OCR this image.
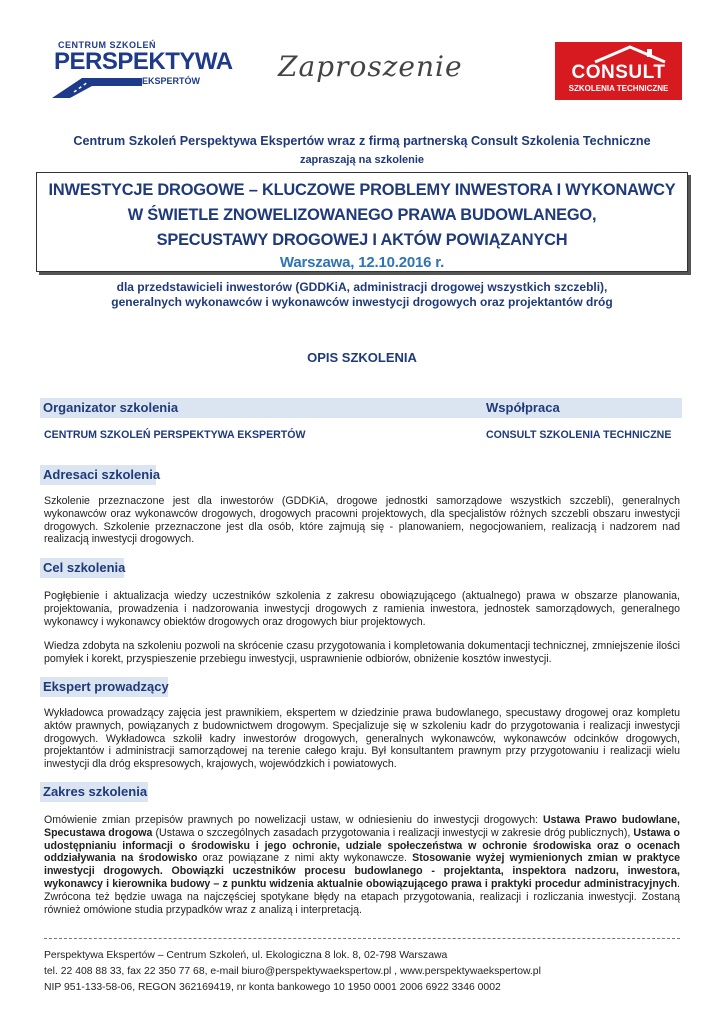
CENTRUM SZKOLEŃ
PERSPEKTYWA
EKSPERTÓW	Zaproszenie	CONSULT
SZKOLENIA TECHNICZNE
Centrum Szkoleń Perspektywa Ekspertów wraz z firmą partnerską Consult Szkolenia Techniczne
zapraszają na szkolenie
INWESTYCJE DROGOWE – KLUCZOWE PROBLEMY INWESTORA I WYKONAWCY
W ŚWIETLE ZNOWELIZOWANEGO PRAWA BUDOWLANEGO,
SPECUSTAWY DROGOWEJ I AKTÓW POWIĄZANYCH
Warszawa, 12.10.2016 r.
dla przedstawicieli inwestorów (GDDKiA, administracji drogowej wszystkich szczebli),
generalnych wykonawców i wykonawców inwestycji drogowych oraz projektantów dróg
OPIS SZKOLENIA
Organizator szkolenia	Współpraca
CENTRUM SZKOLEŃ PERSPEKTYWA EKSPERTÓW	CONSULT SZKOLENIA TECHNICZNE
Adresaci szkolenia
Szkolenie przeznaczone jest dla inwestorów (GDDKiA, drogowe jednostki samorządowe wszystkich szczebli), generalnych wykonawców oraz wykonawców drogowych, drogowych pracowni projektowych, dla specjalistów różnych szczebli obszaru inwestycji drogowych. Szkolenie przeznaczone jest dla osób, które zajmują się - planowaniem, negocjowaniem, realizacją i nadzorem nad realizacją inwestycji drogowych.
Cel szkolenia
Pogłębienie i aktualizacja wiedzy uczestników szkolenia z zakresu obowiązującego (aktualnego) prawa w obszarze planowania, projektowania, prowadzenia i nadzorowania inwestycji drogowych z ramienia inwestora, jednostek samorządowych, generalnego wykonawcy i wykonawcy obiektów drogowych oraz drogowych biur projektowych.
Wiedza zdobyta na szkoleniu pozwoli na skrócenie czasu przygotowania i kompletowania dokumentacji technicznej, zmniejszenie ilości pomyłek i korekt, przyspieszenie przebiegu inwestycji, usprawnienie odbiorów, obniżenie kosztów inwestycji.
Ekspert prowadzący
Wykładowca prowadzący zajęcia jest prawnikiem, ekspertem w dziedzinie prawa budowlanego, specustawy drogowej oraz kompletu aktów prawnych, powiązanych z budownictwem drogowym. Specjalizuje się w szkoleniu kadr do przygotowania i realizacji inwestycji drogowych. Wykładowca szkolił kadry inwestorów drogowych, generalnych wykonawców, wykonawców odcinków drogowych, projektantów i administracji samorządowej na terenie całego kraju. Był konsultantem prawnym przy przygotowaniu i realizacji wielu inwestycji dla dróg ekspresowych, krajowych, wojewódzkich i powiatowych.
Zakres szkolenia
Omówienie zmian przepisów prawnych po nowelizacji ustaw, w odniesieniu do inwestycji drogowych: Ustawa Prawo budowlane, Specustawa drogowa (Ustawa o szczególnych zasadach przygotowania i realizacji inwestycji w zakresie dróg publicznych), Ustawa o udostępnianiu informacji o środowisku i jego ochronie, udziale społeczeństwa w ochronie środowiska oraz o ocenach oddziaływania na środowisko oraz powiązane z nimi akty wykonawcze. Stosowanie wyżej wymienionych zmian w praktyce inwestycji drogowych. Obowiązki uczestników procesu budowlanego - projektanta, inspektora nadzoru, inwestora, wykonawcy i kierownika budowy – z punktu widzenia aktualnie obowiązującego prawa i praktyki procedur administracyjnych. Zwrócona też będzie uwaga na najczęściej spotykane błędy na etapach przygotowania, realizacji i rozliczania inwestycji. Zostaną również omówione studia przypadków wraz z analizą i interpretacją.
Perspektywa Ekspertów – Centrum Szkoleń, ul. Ekologiczna 8 lok. 8, 02-798 Warszawa
tel. 22 408 88 33, fax 22 350 77 68, e-mail biuro@perspektywaekspertow.pl , www.perspektywaekspertow.pl
NIP 951-133-58-06, REGON 362169419, nr konta bankowego 10 1950 0001 2006 6922 3346 0002
